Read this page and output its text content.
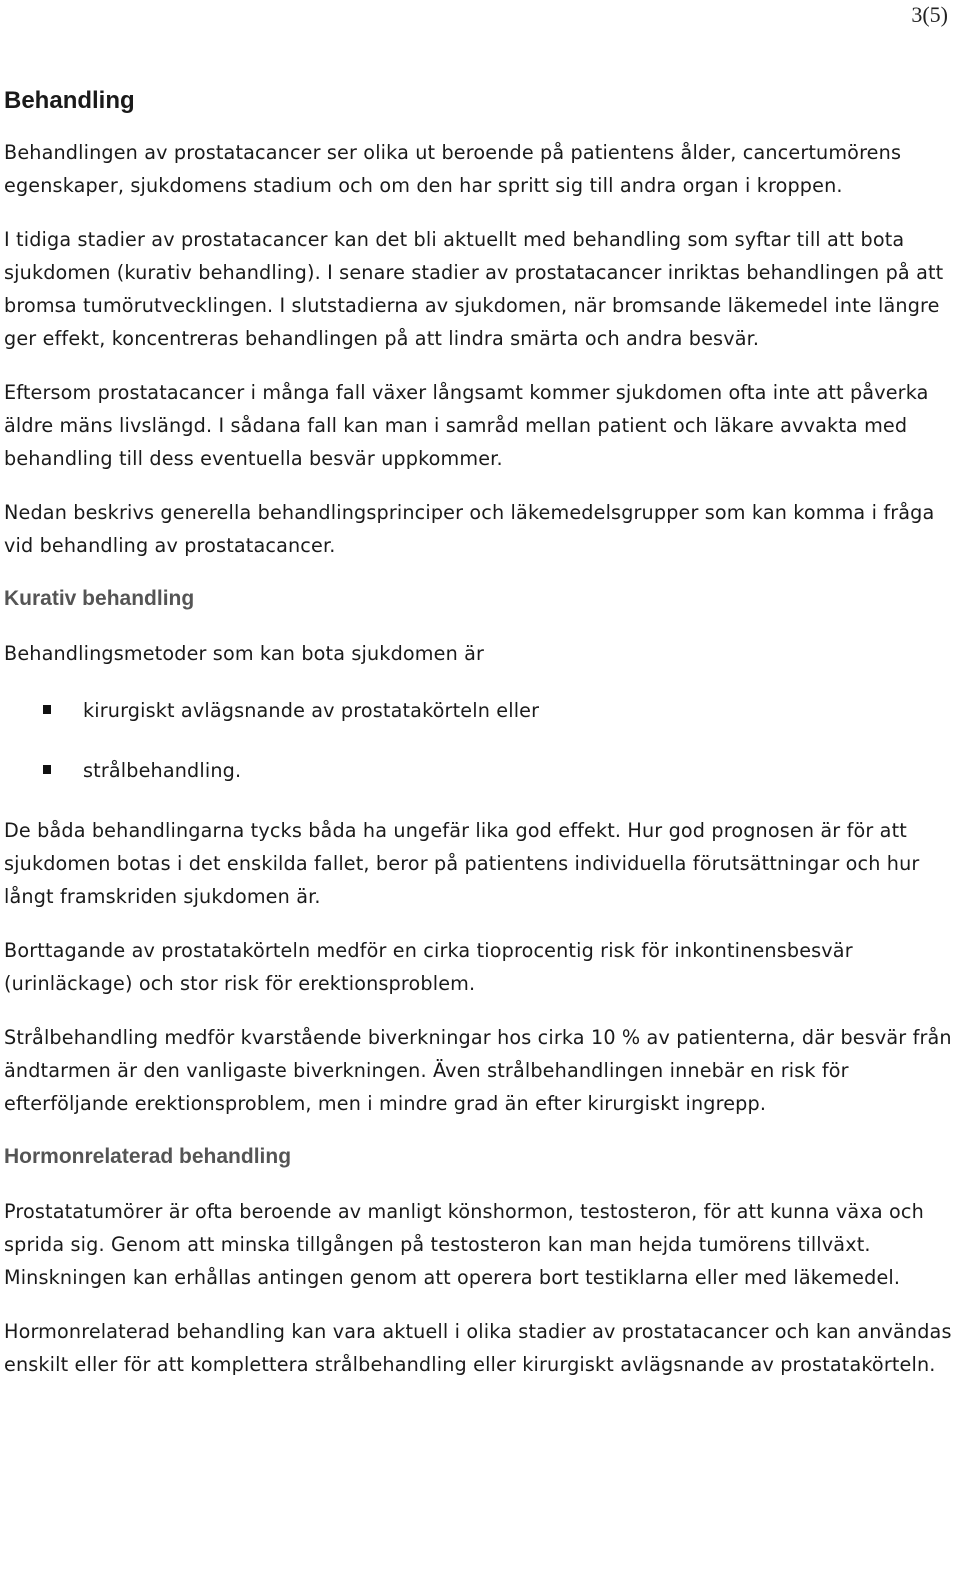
3(5)
Behandling

Behandlingen av prostatacancer ser olika ut beroende på patientens ålder, cancertumörens egenskaper, sjukdomens stadium och om den har spritt sig till andra organ i kroppen.

I tidiga stadier av prostatacancer kan det bli aktuellt med behandling som syftar till att bota sjukdomen (kurativ behandling). I senare stadier av prostatacancer inriktas behandlingen på att bromsa tumörutvecklingen. I slutstadierna av sjukdomen, när bromsande läkemedel inte längre ger effekt, koncentreras behandlingen på att lindra smärta och andra besvär.

Eftersom prostatacancer i många fall växer långsamt kommer sjukdomen ofta inte att påverka äldre mäns livslängd. I sådana fall kan man i samråd mellan patient och läkare avvakta med behandling till dess eventuella besvär uppkommer.

Nedan beskrivs generella behandlingsprinciper och läkemedelsgrupper som kan komma i fråga vid behandling av prostatacancer.

Kurativ behandling

Behandlingsmetoder som kan bota sjukdomen är

kirurgiskt avlägsnande av prostatakörteln eller
strålbehandling.

De båda behandlingarna tycks båda ha ungefär lika god effekt. Hur god prognosen är för att sjukdomen botas i det enskilda fallet, beror på patientens individuella förutsättningar och hur långt framskriden sjukdomen är.

Borttagande av prostatakörteln medför en cirka tioprocentig risk för inkontinensbesvär (urinläckage) och stor risk för erektionsproblem.

Strålbehandling medför kvarstående biverkningar hos cirka 10 % av patienterna, där besvär från ändtarmen är den vanligaste biverkningen. Även strålbehandlingen innebär en risk för efterföljande erektionsproblem, men i mindre grad än efter kirurgiskt ingrepp.

Hormonrelaterad behandling

Prostatatumörer är ofta beroende av manligt könshormon, testosteron, för att kunna växa och sprida sig. Genom att minska tillgången på testosteron kan man hejda tumörens tillväxt. Minskningen kan erhållas antingen genom att operera bort testiklarna eller med läkemedel.

Hormonrelaterad behandling kan vara aktuell i olika stadier av prostatacancer och kan användas enskilt eller för att komplettera strålbehandling eller kirurgiskt avlägsnande av prostatakörteln.
